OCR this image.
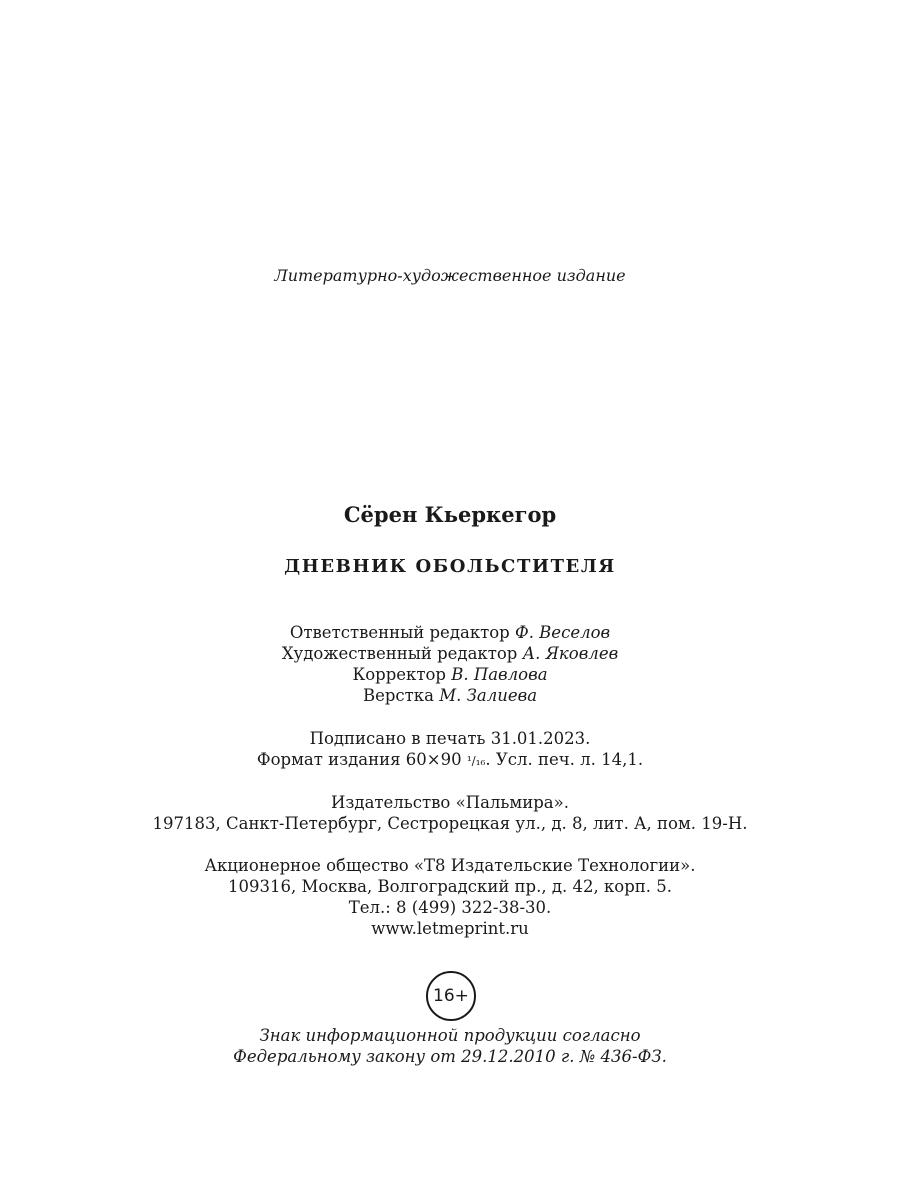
Литературно-художественное издание
Сёрен Кьеркегор
ДНЕВНИК ОБОЛЬСТИТЕЛЯ
Ответственный редактор Ф. Веселов
Художественный редактор А. Яковлев
Корректор В. Павлова
Верстка М. Залиева
Подписано в печать 31.01.2023.
Формат издания 60×90 ¹/₁₆. Усл. печ. л. 14,1.
Издательство «Пальмира».
197183, Санкт-Петербург, Сестрорецкая ул., д. 8, лит. А, пом. 19-Н.
Акционерное общество «Т8 Издательские Технологии».
109316, Москва, Волгоградский пр., д. 42, корп. 5.
Тел.: 8 (499) 322-38-30.
www.letmeprint.ru
16+
Знак информационной продукции согласно
Федеральному закону от 29.12.2010 г. № 436-ФЗ.
